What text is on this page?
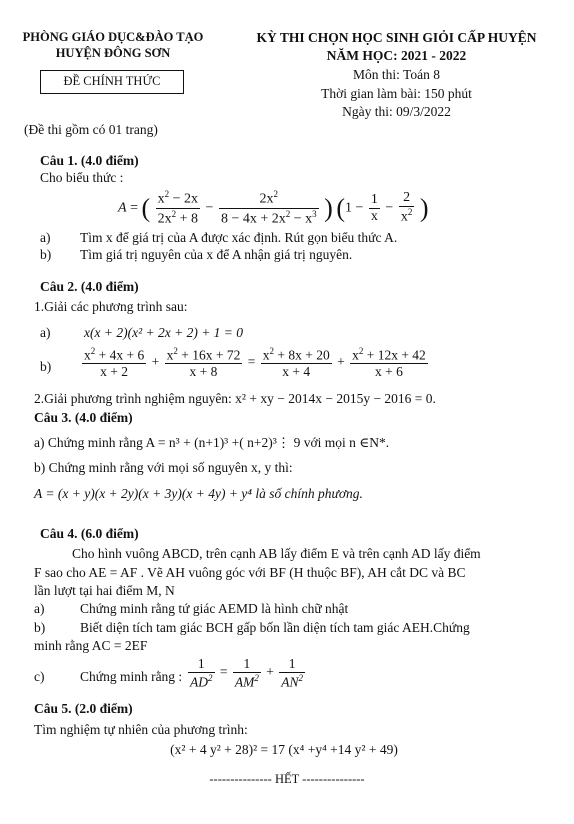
PHÒNG GIÁO DỤC&ĐÀO TẠO
HUYỆN ĐÔNG SƠN
ĐỀ CHÍNH THỨC
(Đề thi gồm có 01 trang)
KỲ THI CHỌN HỌC SINH GIỎI CẤP HUYỆN
NĂM HỌC: 2021 - 2022
Môn thi: Toán 8
Thời gian làm bài: 150 phút
Ngày thi: 09/3/2022
Câu 1. (4.0 điểm)
Cho biểu thức :
A = ( $\frac{x^2 - 2x}{2x^2 + 8} - \frac{2x^2}{8 - 4x + 2x^2 - x^3}$ ) ($1 - \frac{1}{x} - \frac{2}{x^2}$ )
a) Tìm x để giá trị của A được xác định. Rút gọn biểu thức A.
b) Tìm giá trị nguyên của x để A nhận giá trị nguyên.
Câu 2. (4.0 điểm)
1.Giải các phương trình sau:
a) x(x + 2)(x² + 2x + 2) + 1 = 0
$b) \frac{x^2 + 4x + 6}{x + 2} + \frac{x^2 + 16x + 72}{x + 8} = \frac{x^2 + 8x + 20}{x + 4} + \frac{x^2 + 12x + 42}{x + 6}$
2.Giải phương trình nghiệm nguyên: x² + xy − 2014x − 2015y − 2016 = 0.
Câu 3. (4.0 điểm)
a) Chứng minh rằng A = n³ + (n+1)³ +( n+2)³⋮ 9 với mọi n ∈N*.
b) Chứng minh rằng với mọi số nguyên x, y thì:
A = (x + y)(x + 2y)(x + 3y)(x + 4y) + y⁴ là số chính phương.
Câu 4. (6.0 điểm)
Cho hình vuông ABCD, trên cạnh AB lấy điểm E và trên cạnh AD lấy điểm
F sao cho AE = AF . Vẽ AH vuông góc với BF (H thuộc BF), AH cắt DC và BC
lần lượt tại hai điểm M, N
a)	Chứng minh rằng tứ giác AEMD là hình chữ nhật
b)	Biết diện tích tam giác BCH gấp bốn lần diện tích tam giác AEH.Chứng
minh rằng AC = 2EF
c)	Chứng minh rằng : $\frac{1}{AD^2} = \frac{1}{AM^2} + \frac{1}{AN^2}$
Câu 5. (2.0 điểm)
Tìm nghiệm tự nhiên của phương trình:
(x² + 4 y² + 28)² = 17 (x⁴ +y⁴ +14 y² + 49)
--------------- HẾT ---------------
